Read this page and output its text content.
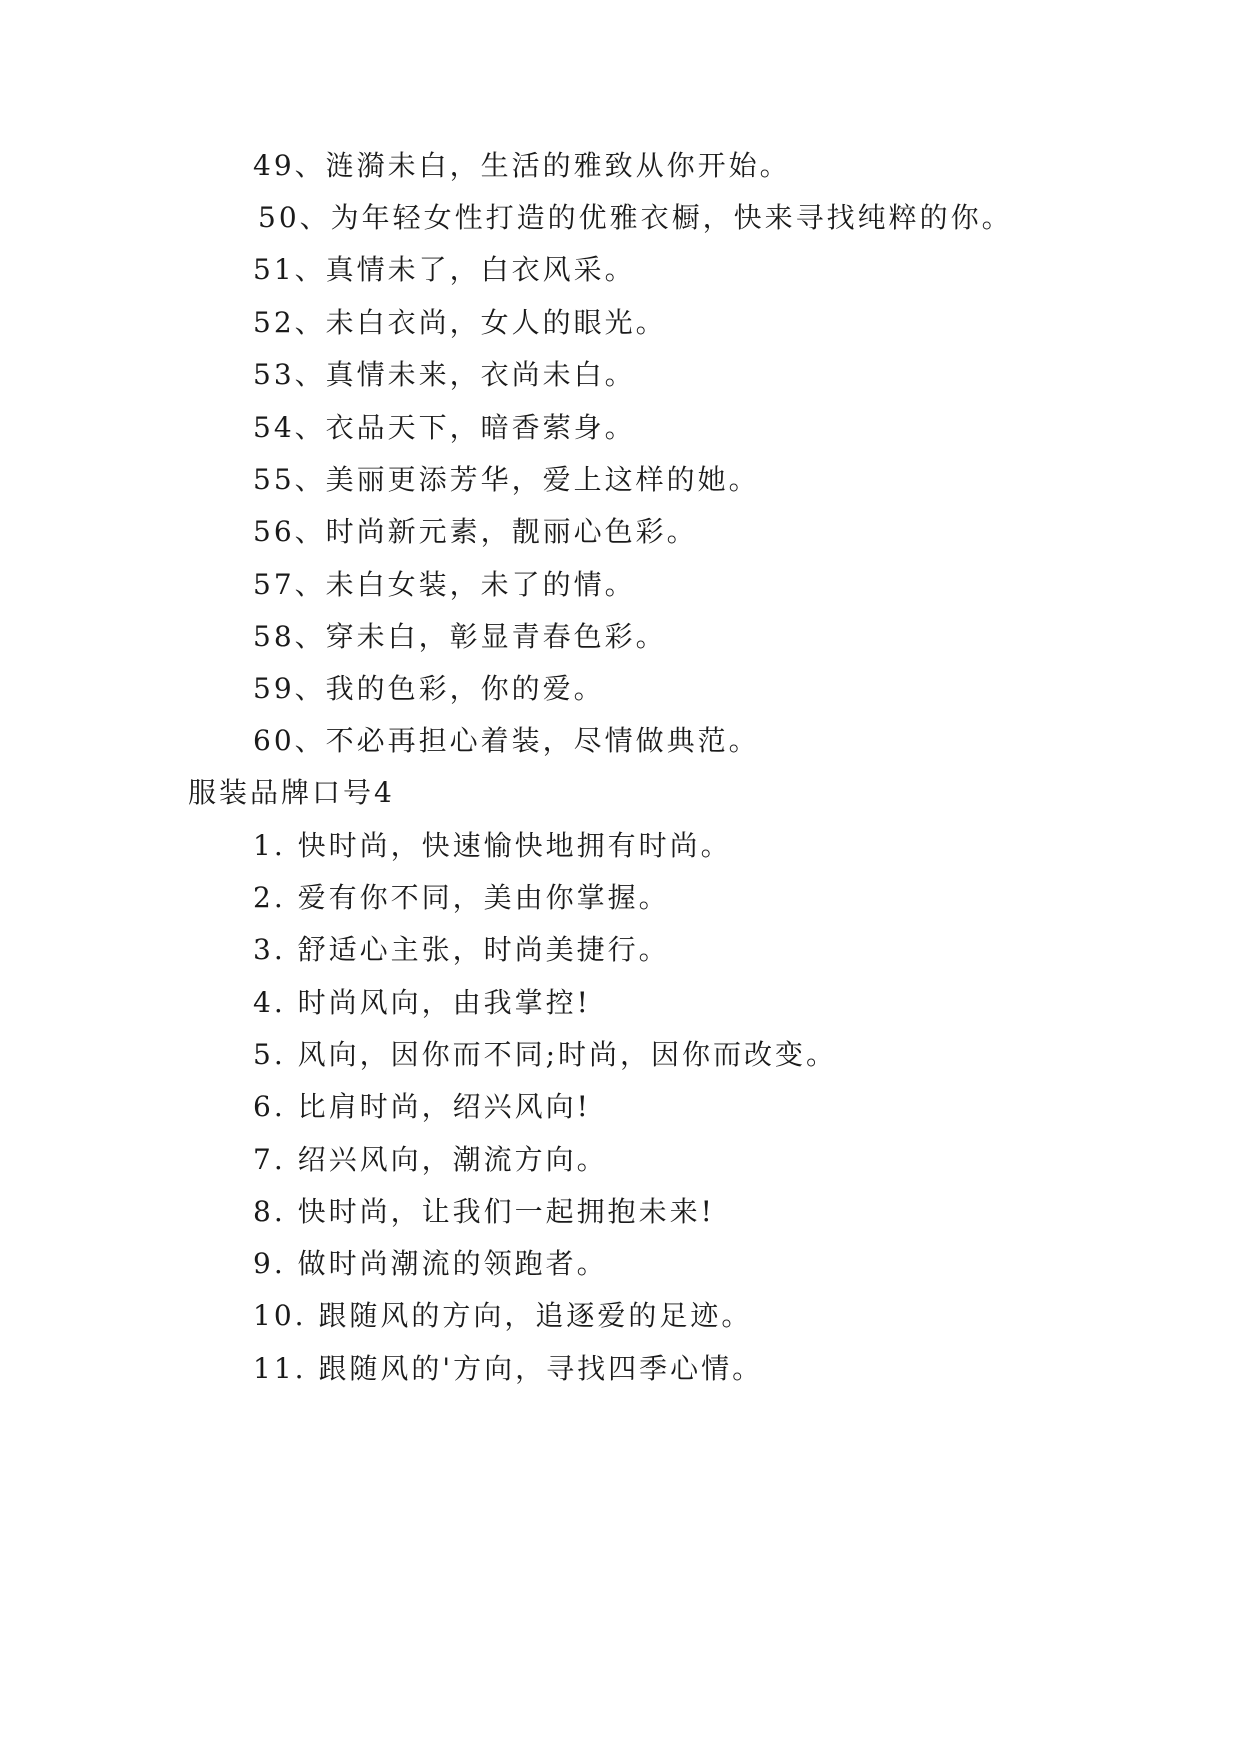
49、涟漪未白，生活的雅致从你开始。
50、为年轻女性打造的优雅衣橱，快来寻找纯粹的你。
51、真情未了，白衣风采。
52、未白衣尚，女人的眼光。
53、真情未来，衣尚未白。
54、衣品天下，暗香萦身。
55、美丽更添芳华，爱上这样的她。
56、时尚新元素，靓丽心色彩。
57、未白女装，未了的情。
58、穿未白，彰显青春色彩。
59、我的色彩，你的爱。
60、不必再担心着装，尽情做典范。
服装品牌口号4
1. 快时尚，快速愉快地拥有时尚。
2. 爱有你不同，美由你掌握。
3. 舒适心主张，时尚美捷行。
4. 时尚风向，由我掌控!
5. 风向，因你而不同;时尚，因你而改变。
6. 比肩时尚，绍兴风向!
7. 绍兴风向，潮流方向。
8. 快时尚，让我们一起拥抱未来!
9. 做时尚潮流的领跑者。
10. 跟随风的方向，追逐爱的足迹。
11. 跟随风的'方向，寻找四季心情。
